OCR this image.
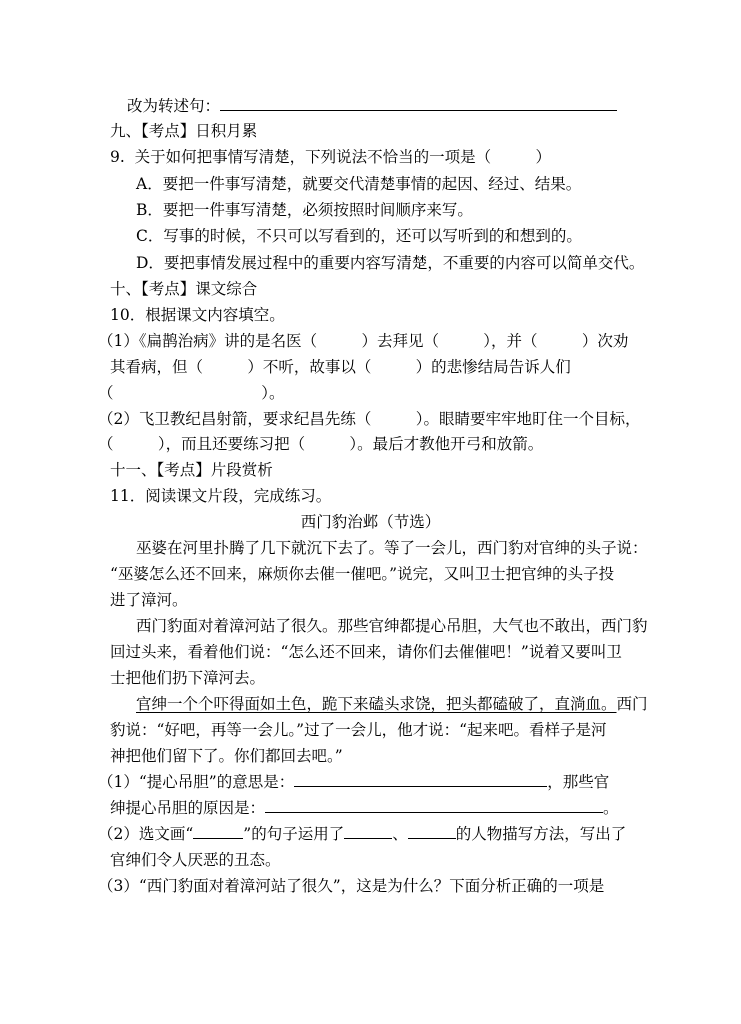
改为转述句：
九、【考点】日积月累
9.  关于如何把事情写清楚，下列说法不恰当的一项是（         ）
A．要把一件事写清楚，就要交代清楚事情的起因、经过、结果。
B．要把一件事写清楚，必须按照时间顺序来写。
C．写事的时候，不只可以写看到的，还可以写听到的和想到的。
D．要把事情发展过程中的重要内容写清楚，不重要的内容可以简单交代。
十、【考点】课文综合
10．根据课文内容填空。
（1）《扁鹊治病》讲的是名医（         ）去拜见（         ），并（         ）次劝
其看病，但（         ）不听，故事以（         ）的悲惨结局告诉人们
（                              ）。
（2）飞卫教纪昌射箭，要求纪昌先练（         ）。眼睛要牢牢地盯住一个目标，
（         ），而且还要练习把（         ）。最后才教他开弓和放箭。
十一、【考点】片段赏析
11．阅读课文片段，完成练习。
西门豹治邺（节选）
巫婆在河里扑腾了几下就沉下去了。等了一会儿，西门豹对官绅的头子说：
“巫婆怎么还不回来，麻烦你去催一催吧。”说完，又叫卫士把官绅的头子投
进了漳河。
西门豹面对着漳河站了很久。那些官绅都提心吊胆，大气也不敢出，西门豹
回过头来，看着他们说：“怎么还不回来，请你们去催催吧！”说着又要叫卫
士把他们扔下漳河去。
官绅一个个吓得面如土色，跪下来磕头求饶，把头都磕破了，直淌血。西门
豹说：“好吧，再等一会儿。”过了一会儿，他才说：“起来吧。看样子是河
神把他们留下了。你们都回去吧。”
（1）“提心吊胆”的意思是：	，那些官
绅提心吊胆的原因是：	。
（2）选文画“	”的句子运用了	、	的人物描写方法，写出了
官绅们令人厌恶的丑态。
（3）“西门豹面对着漳河站了很久”，这是为什么？下面分析正确的一项是
